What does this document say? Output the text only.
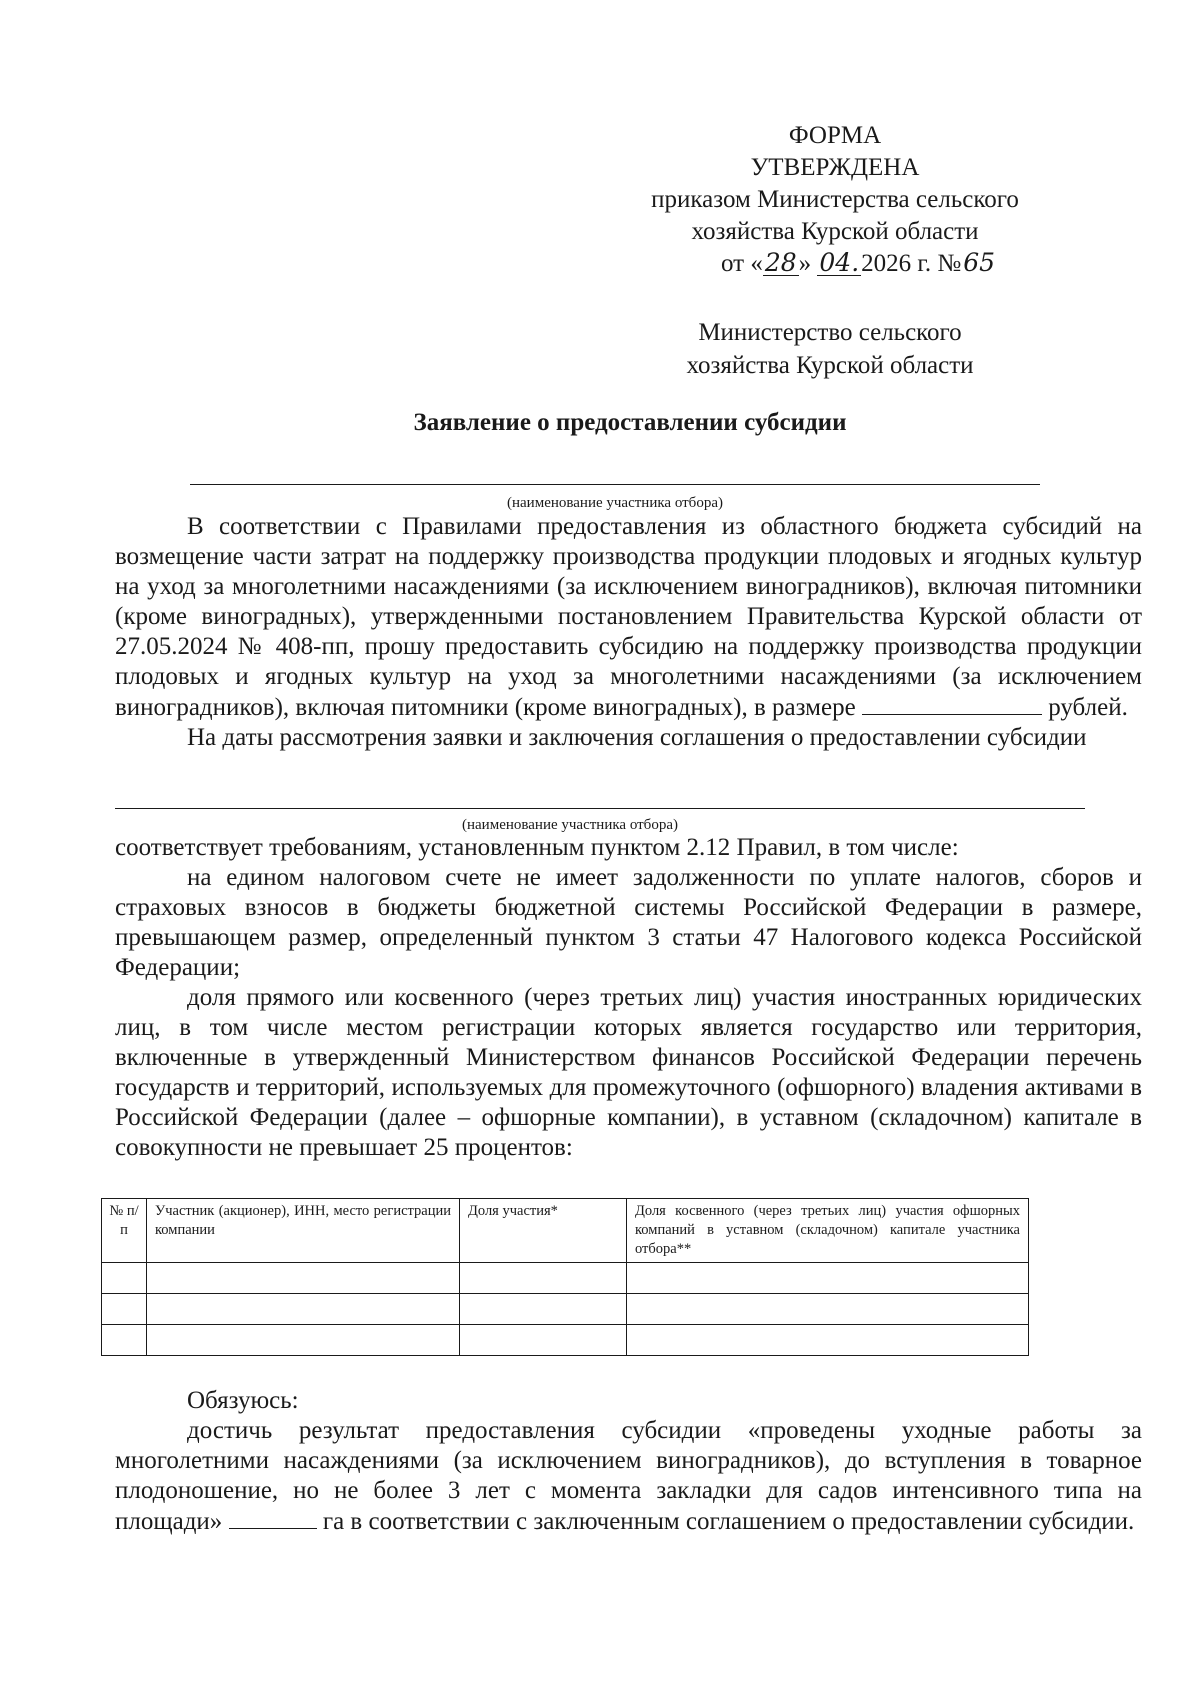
ФОРМА
УТВЕРЖДЕНА
приказом Министерства сельского
хозяйства Курской области
от «28» 04.2026 г. №65
Министерство сельского
хозяйства Курской области
Заявление о предоставлении субсидии
(наименование участника отбора)

В соответствии с Правилами предоставления из областного бюджета субсидий на возмещение части затрат на поддержку производства продукции плодовых и ягодных культур на уход за многолетними насаждениями (за исключением виноградников), включая питомники (кроме виноградных), утвержденными постановлением Правительства Курской области от 27.05.2024 № 408-пп, прошу предоставить субсидию на поддержку производства продукции плодовых и ягодных культур на уход за многолетними насаждениями (за исключением виноградников), включая питомники (кроме виноградных), в размере	рублей.

На даты рассмотрения заявки и заключения соглашения о предоставлении субсидии

(наименование участника отбора)

соответствует требованиям, установленным пунктом 2.12 Правил, в том числе:

на едином налоговом счете не имеет задолженности по уплате налогов, сборов и страховых взносов в бюджеты бюджетной системы Российской Федерации в размере, превышающем размер, определенный пунктом 3 статьи 47 Налогового кодекса Российской Федерации;

доля прямого или косвенного (через третьих лиц) участия иностранных юридических лиц, в том числе местом регистрации которых является государство или территория, включенные в утвержденный Министерством финансов Российской Федерации перечень государств и территорий, используемых для промежуточного (офшорного) владения активами в Российской Федерации (далее – офшорные компании), в уставном (складочном) капитале в совокупности не превышает 25 процентов:

№ п/п	Участник (акционер), ИНН, место регистрации компании	Доля участия*	Доля косвенного (через третьих лиц) участия офшорных компаний в уставном (складочном) капитале участника отбора**

Обязуюсь:

достичь результат предоставления субсидии «проведены уходные работы за многолетними насаждениями (за исключением виноградников), до вступления в товарное плодоношение, но не более 3 лет с момента закладки для садов интенсивного типа на площади»	га в соответствии с заключенным соглашением о предоставлении субсидии.
